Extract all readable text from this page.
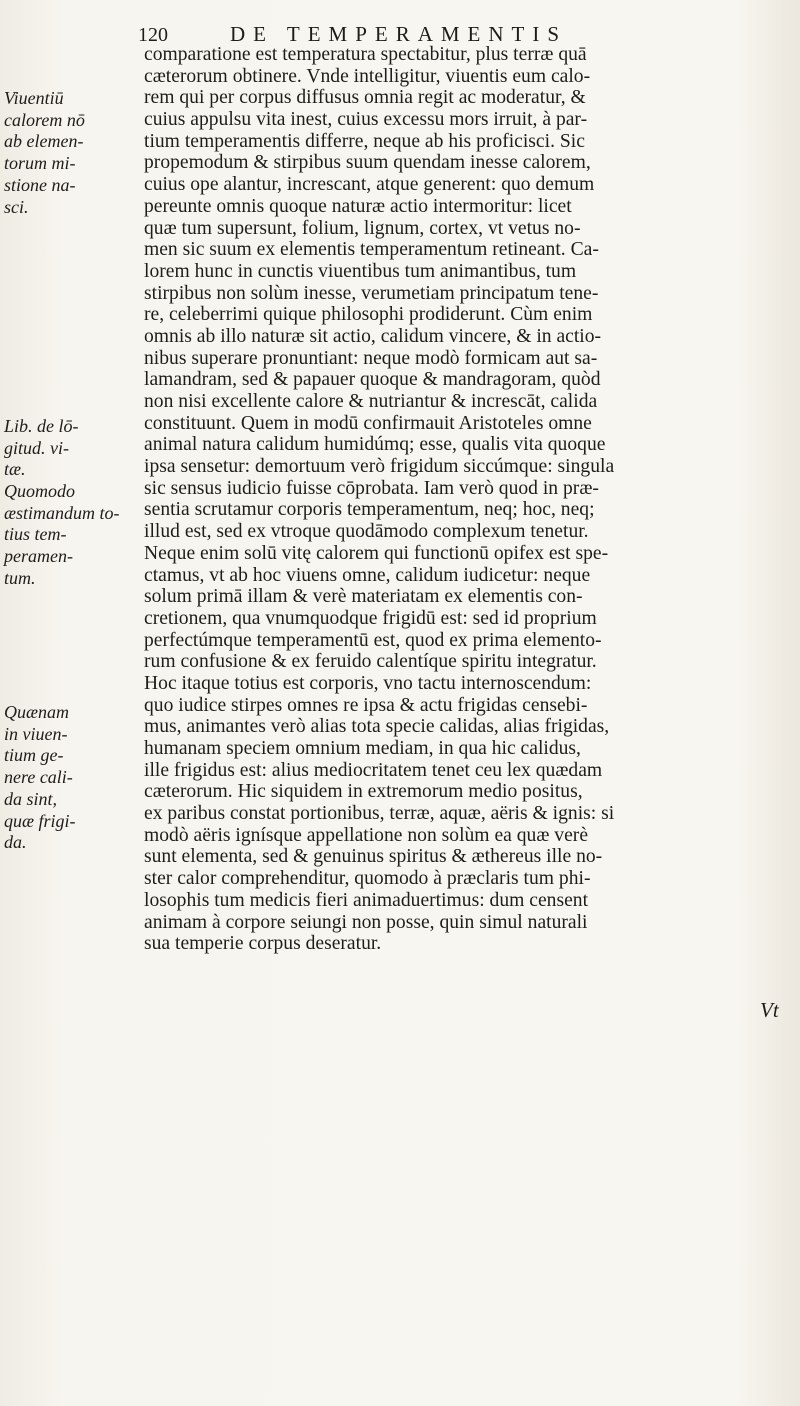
120	DE TEMPERAMENTIS
Viuentiū
calorem nō
ab elemen-
torum mi-
stione na-
sci.
Lib. de lō-
gitud. vi-
tæ.
Quomodo
æstimandum to-
tius tem-
peramen-
tum.
Quænam
in viuen-
tium ge-
nere cali-
da sint,
quæ frigi-
da.
comparatione est temperatura spectabitur, plus terræ quā
cæterorum obtinere. Vnde intelligitur, viuentis eum calo-
rem qui per corpus diffusus omnia regit ac moderatur, &
cuius appulsu vita inest, cuius excessu mors irruit, à par-
tium temperamentis differre, neque ab his proficisci. Sic
propemodum & stirpibus suum quendam inesse calorem,
cuius ope alantur, increscant, atque generent: quo demum
pereunte omnis quoque naturæ actio intermoritur: licet
quæ tum supersunt, folium, lignum, cortex, vt vetus no-
men sic suum ex elementis temperamentum retineant. Ca-
lorem hunc in cunctis viuentibus tum animantibus, tum
stirpibus non solùm inesse, verumetiam principatum tene-
re, celeberrimi quique philosophi prodiderunt. Cùm enim
omnis ab illo naturæ sit actio, calidum vincere, & in actio-
nibus superare pronuntiant: neque modò formicam aut sa-
lamandram, sed & papauer quoque & mandragoram, quòd
non nisi excellente calore & nutriantur & increscāt, calida
constituunt. Quem in modū confirmauit Aristoteles omne
animal natura calidum humidúmq; esse, qualis vita quoque
ipsa sensetur: demortuum verò frigidum siccúmque: singula
sic sensus iudicio fuisse cōprobata. Iam verò quod in præ-
sentia scrutamur corporis temperamentum, neq; hoc, neq;
illud est, sed ex vtroque quodāmodo complexum tenetur.
Neque enim solū vitę calorem qui functionū opifex est spe-
ctamus, vt ab hoc viuens omne, calidum iudicetur: neque
solum primā illam & verè materiatam ex elementis con-
cretionem, qua vnumquodque frigidū est: sed id proprium
perfectúmque temperamentū est, quod ex prima elemento-
rum confusione & ex feruido calentíque spiritu integratur.
Hoc itaque totius est corporis, vno tactu internoscendum:
quo iudice stirpes omnes re ipsa & actu frigidas censebi-
mus, animantes verò alias tota specie calidas, alias frigidas,
humanam speciem omnium mediam, in qua hic calidus,
ille frigidus est: alius mediocritatem tenet ceu lex quædam
cæterorum. Hic siquidem in extremorum medio positus,
ex paribus constat portionibus, terræ, aquæ, aëris & ignis: si
modò aëris ignísque appellatione non solùm ea quæ verè
sunt elementa, sed & genuinus spiritus & æthereus ille no-
ster calor comprehenditur, quomodo à præclaris tum phi-
losophis tum medicis fieri animaduertimus: dum censent
animam à corpore seiungi non posse, quin simul naturali
sua temperie corpus deseratur.
Vt
